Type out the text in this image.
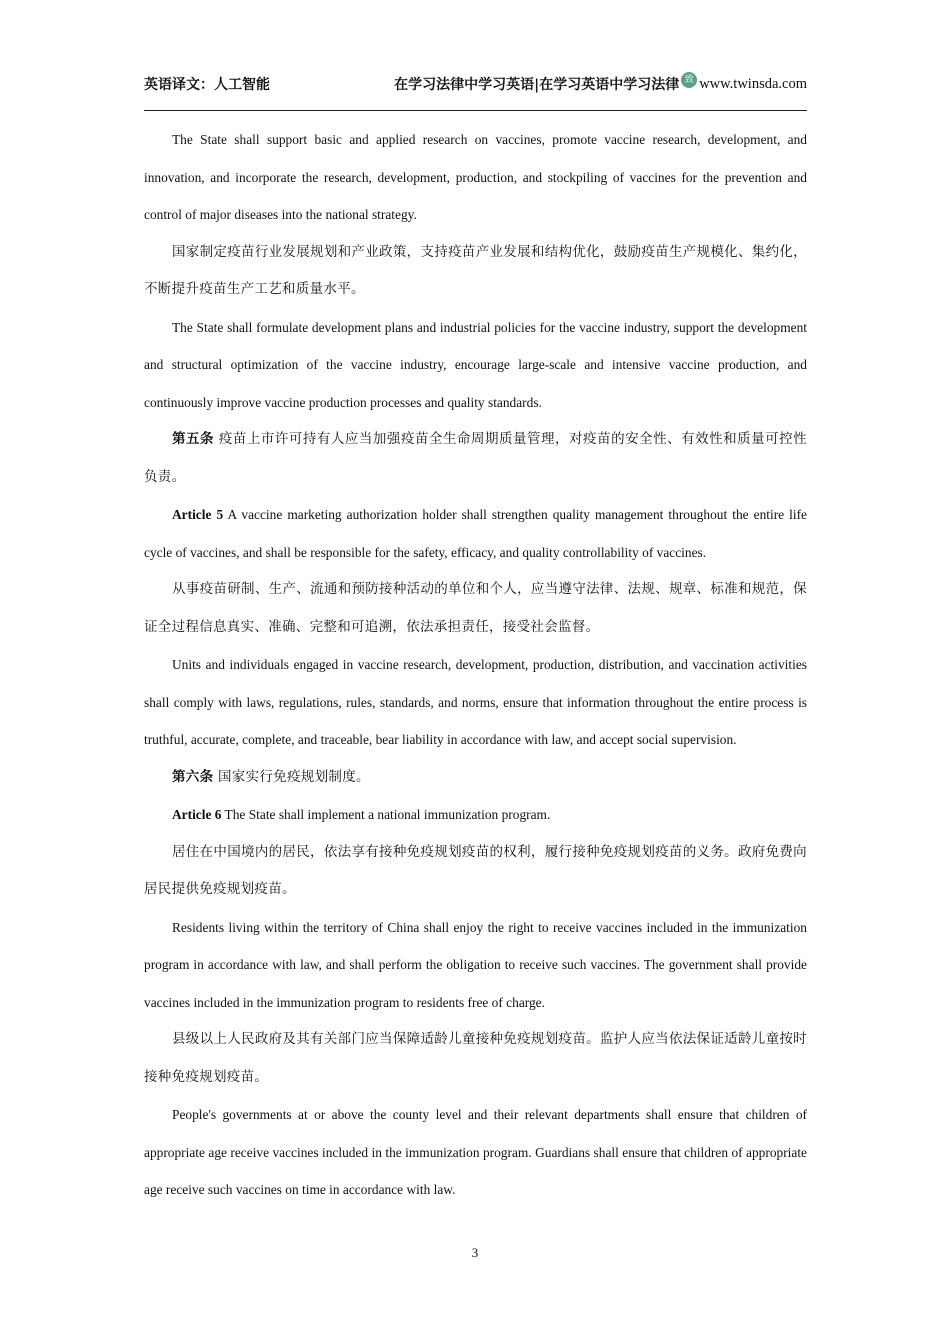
英语译文：人工智能	在学习法律中学习英语|在学习英语中学习法律 致 www.twinsda.com

The State shall support basic and applied research on vaccines, promote vaccine research, development, and innovation, and incorporate the research, development, production, and stockpiling of vaccines for the prevention and control of major diseases into the national strategy.

国家制定疫苗行业发展规划和产业政策，支持疫苗产业发展和结构优化，鼓励疫苗生产规模化、集约化，不断提升疫苗生产工艺和质量水平。

The State shall formulate development plans and industrial policies for the vaccine industry, support the development and structural optimization of the vaccine industry, encourage large-scale and intensive vaccine production, and continuously improve vaccine production processes and quality standards.

第五条 疫苗上市许可持有人应当加强疫苗全生命周期质量管理，对疫苗的安全性、有效性和质量可控性负责。

Article 5 A vaccine marketing authorization holder shall strengthen quality management throughout the entire life cycle of vaccines, and shall be responsible for the safety, efficacy, and quality controllability of vaccines.

从事疫苗研制、生产、流通和预防接种活动的单位和个人，应当遵守法律、法规、规章、标准和规范，保证全过程信息真实、准确、完整和可追溯，依法承担责任，接受社会监督。

Units and individuals engaged in vaccine research, development, production, distribution, and vaccination activities shall comply with laws, regulations, rules, standards, and norms, ensure that information throughout the entire process is truthful, accurate, complete, and traceable, bear liability in accordance with law, and accept social supervision.

第六条 国家实行免疫规划制度。

Article 6 The State shall implement a national immunization program.

居住在中国境内的居民，依法享有接种免疫规划疫苗的权利，履行接种免疫规划疫苗的义务。政府免费向居民提供免疫规划疫苗。

Residents living within the territory of China shall enjoy the right to receive vaccines included in the immunization program in accordance with law, and shall perform the obligation to receive such vaccines. The government shall provide vaccines included in the immunization program to residents free of charge.

县级以上人民政府及其有关部门应当保障适龄儿童接种免疫规划疫苗。监护人应当依法保证适龄儿童按时接种免疫规划疫苗。

People's governments at or above the county level and their relevant departments shall ensure that children of appropriate age receive vaccines included in the immunization program. Guardians shall ensure that children of appropriate age receive such vaccines on time in accordance with law.

3
